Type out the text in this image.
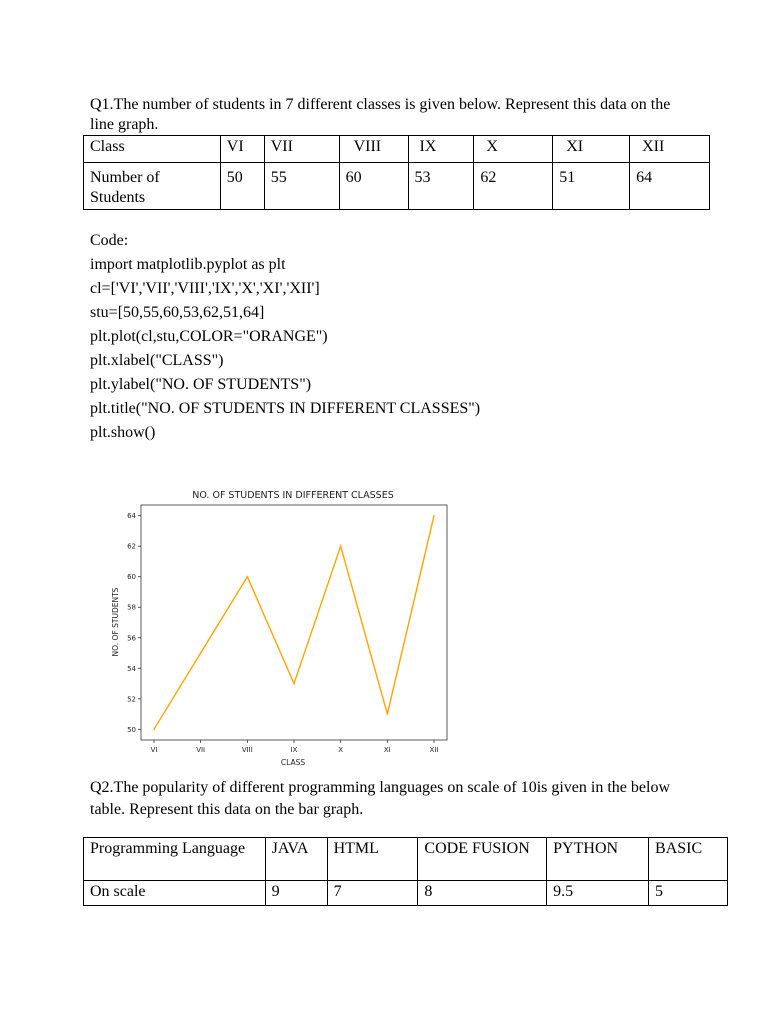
Q1.The number of students in 7 different classes is given below. Represent this data on the line graph.

Class	VI	VII	VIII	IX	X	XI	XII
Number of Students	50	55	60	53	62	51	64
Code:
import matplotlib.pyplot as plt
cl=['VI','VII','VIII','IX','X','XI','XII']
stu=[50,55,60,53,62,51,64]
plt.plot(cl,stu,COLOR="ORANGE")
plt.xlabel("CLASS")
plt.ylabel("NO. OF STUDENTS")
plt.title("NO. OF STUDENTS IN DIFFERENT CLASSES")
plt.show()
NO. OF STUDENTS IN DIFFERENT CLASSES
50
52
54
56
58
60
62
64
VI	VII	VIII	IX	X	XI	XII
CLASS
NO. OF STUDENTS

Q2.The popularity of different programming languages on scale of 10is given in the below table. Represent this data on the bar graph.

Programming Language	JAVA	HTML	CODE FUSION	PYTHON	BASIC
On scale	9	7	8	9.5	5
